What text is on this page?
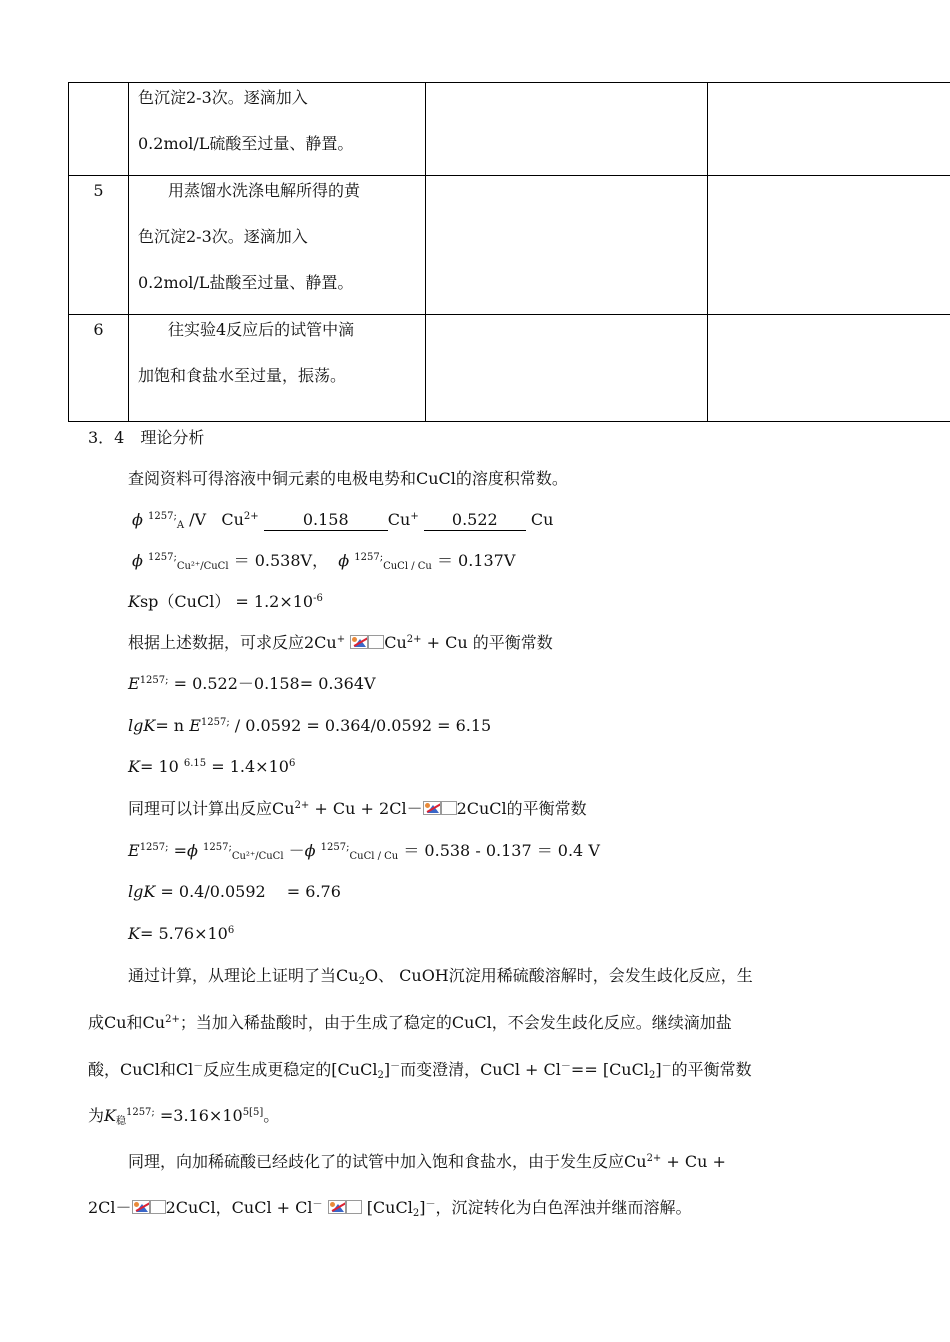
	色沉淀2-3次。逐滴加入
0.2mol/L硫酸至过量、静置。		

5	用蒸馏水洗涤电解所得的黄
色沉淀2-3次。逐滴加入
0.2mol/L盐酸至过量、静置。		

6	往实验4反应后的试管中滴
加饱和食盐水至过量，振荡。		

3．4　理论分析
查阅资料可得溶液中铜元素的电极电势和CuCl的溶度积常数。
ϕ $^{1257;}_A$ /V $Cu^{2+}$	0.158 Cu+ 0.522 Cu
ϕ $^{1257;}_{Cu^{2+}/CuCl}$ ＝ 0.538V， ϕ $^{1257;}_{CuCl / Cu}$ ＝ 0.137V
Ksp（CuCl） = $1.2\times 10^{-6}$
根据上述数据，可求反应2Cu+ $Cu^{2+} + Cu$ 的平衡常数
$E^{1257;} = 0.522-0.158= 0.364V$
lgK= n $E^{1257;} / 0.0592 = 0.364/0.0592 = 6.15$
K= 10 $^{6.15} = 1.4\times 10^6$
同理可以计算出反应$Cu^{2+} + Cu + 2Cl-$ 2CuCl的平衡常数
$E^{1257;} =\phi$ $^{1257;}_{Cu^{2+}/CuCl}$ －ϕ $^{1257;}_{CuCl / Cu}$ ＝ 0.538 - 0.137 ＝ 0.4 V
lgK = 0.4/0.0592　 = 6.76
$K= 5.76\times 10^6$
通过计算，从理论上证明了当$Cu_2O$、 CuOH沉淀用稀硫酸溶解时，会发生歧化反应，生
成Cu和$Cu^{2+}$；当加入稀盐酸时，由于生成了稳定的CuCl，不会发生歧化反应。继续滴加盐
酸，CuCl和Cl－反应生成更稳定的[CuCl$_2$]－而变澄清，CuCl + Cl－== [CuCl$_2$]－的平衡常数
为$K_稳^{1257;} =3.16\times 10^{5[5]}$。
同理，向加稀硫酸已经歧化了的试管中加入饱和食盐水，由于发生反应$Cu^{2+} + Cu$ +
2Cl－ 2CuCl，CuCl + Cl－	[CuCl$_2$]－，沉淀转化为白色浑浊并继而溶解。
